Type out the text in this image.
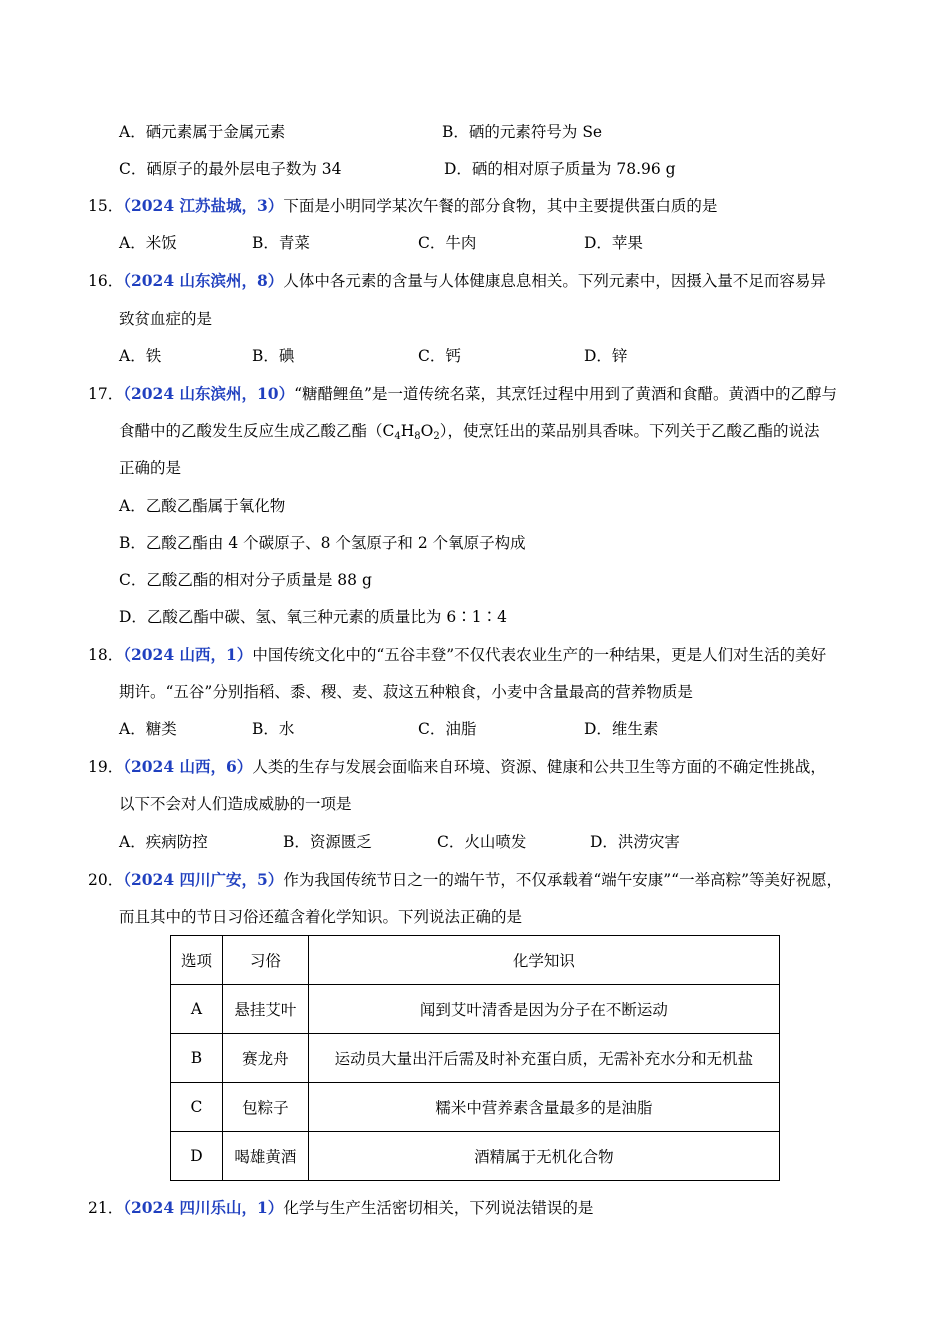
A．硒元素属于金属元素	B．硒的元素符号为 Se
C．硒原子的最外层电子数为 34	D．硒的相对原子质量为 78.96 g
15．（2024 江苏盐城，3）下面是小明同学某次午餐的部分食物，其中主要提供蛋白质的是
A．米饭	B．青菜	C．牛肉	D．苹果
16．（2024 山东滨州，8）人体中各元素的含量与人体健康息息相关。下列元素中，因摄入量不足而容易异
致贫血症的是
A．铁	B．碘	C．钙	D．锌
17．（2024 山东滨州，10）“糖醋鲤鱼”是一道传统名菜，其烹饪过程中用到了黄酒和食醋。黄酒中的乙醇与
食醋中的乙酸发生反应生成乙酸乙酯$(C_4H_8O_2)$，使烹饪出的菜品别具香味。下列关于乙酸乙酯的说法
正确的是
A．乙酸乙酯属于氧化物
B．乙酸乙酯由 4 个碳原子、8 个氢原子和 2 个氧原子构成
C．乙酸乙酯的相对分子质量是 88 g
D．乙酸乙酯中碳、氢、氧三种元素的质量比为 6∶1∶4
18．（2024 山西，1）中国传统文化中的“五谷丰登”不仅代表农业生产的一种结果，更是人们对生活的美好
期许。“五谷”分别指稻、黍、稷、麦、菽这五种粮食，小麦中含量最高的营养物质是
A．糖类	B．水	C．油脂	D．维生素
19．（2024 山西，6）人类的生存与发展会面临来自环境、资源、健康和公共卫生等方面的不确定性挑战，
以下不会对人们造成威胁的一项是
A．疾病防控	B．资源匮乏	C．火山喷发	D．洪涝灾害
20．（2024 四川广安，5）作为我国传统节日之一的端午节，不仅承载着“端午安康”“一举高粽”等美好祝愿，
而且其中的节日习俗还蕴含着化学知识。下列说法正确的是
选项	习俗	化学知识
A	悬挂艾叶	闻到艾叶清香是因为分子在不断运动
B	赛龙舟	运动员大量出汗后需及时补充蛋白质，无需补充水分和无机盐
C	包粽子	糯米中营养素含量最多的是油脂
D	喝雄黄酒	酒精属于无机化合物
21．（2024 四川乐山，1）化学与生产生活密切相关，下列说法错误的是
